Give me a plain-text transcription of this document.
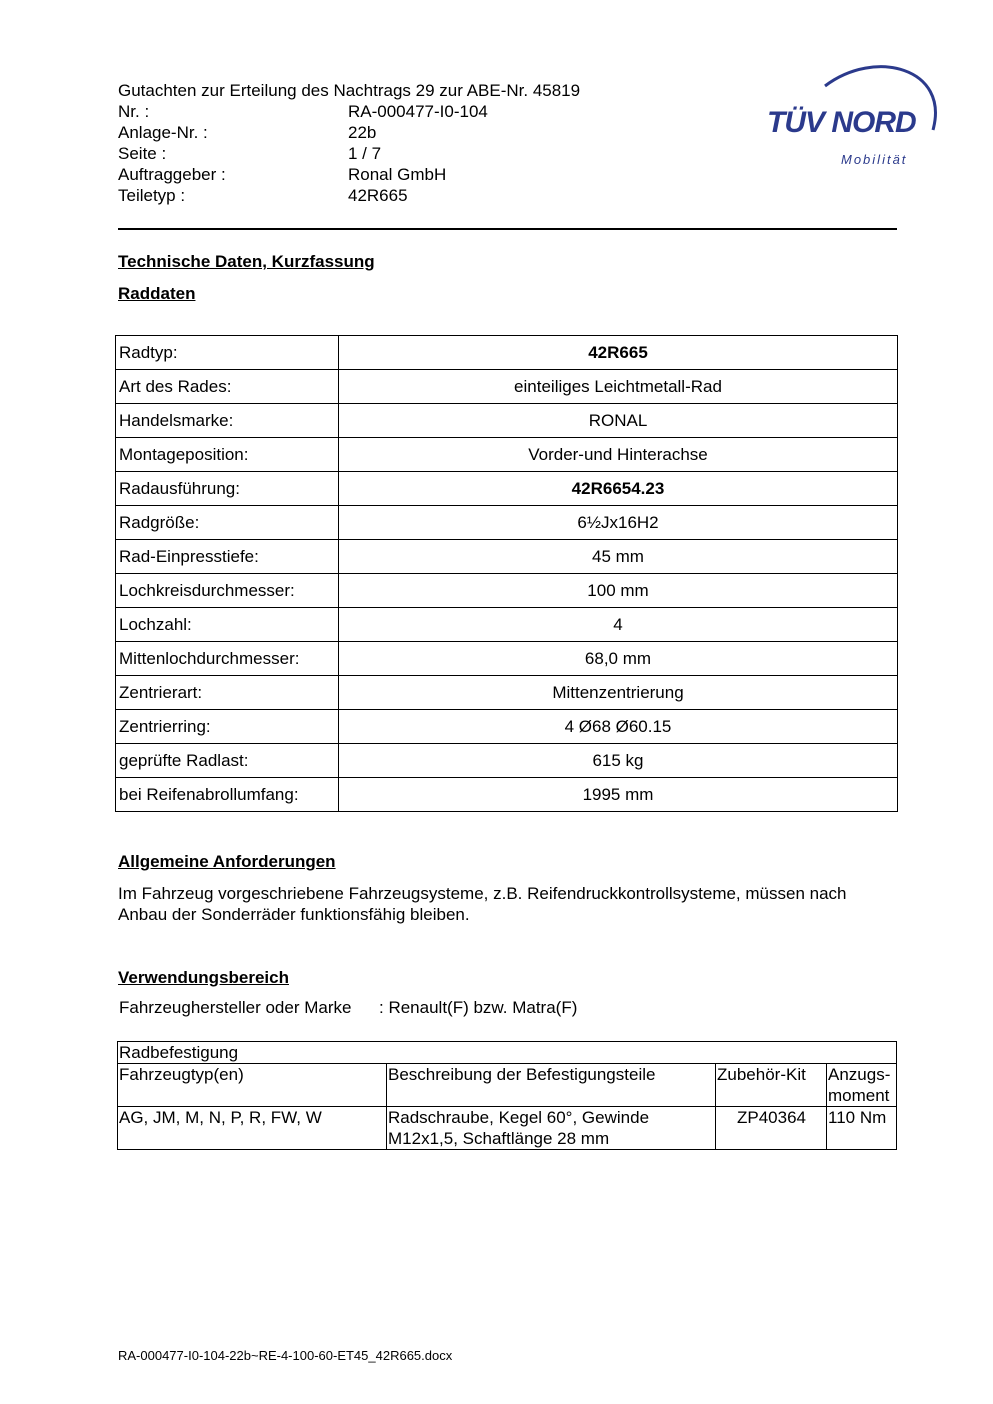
Gutachten zur Erteilung des Nachtrags 29 zur ABE-Nr. 45819
Nr. :	RA-000477-I0-104
Anlage-Nr. :	22b
Seite :	1 / 7
Auftraggeber :	Ronal GmbH
Teiletyp :	42R665
TÜV NORD
Mobilität
Technische Daten, Kurzfassung
Raddaten
Radtyp:	42R665
Art des Rades:	einteiliges Leichtmetall-Rad
Handelsmarke:	RONAL
Montageposition:	Vorder-und Hinterachse
Radausführung:	42R6654.23
Radgröße:	6½Jx16H2
Rad-Einpresstiefe:	45 mm
Lochkreisdurchmesser:	100 mm
Lochzahl:	4
Mittenlochdurchmesser:	68,0 mm
Zentrierart:	Mittenzentrierung
Zentrierring:	4 Ø68 Ø60.15
geprüfte Radlast:	615 kg
bei Reifenabrollumfang:	1995 mm
Allgemeine Anforderungen
Im Fahrzeug vorgeschriebene Fahrzeugsysteme, z.B. Reifendruckkontrollsysteme, müssen nach Anbau der Sonderräder funktionsfähig bleiben.
Verwendungsbereich
Fahrzeughersteller oder Marke	: Renault(F) bzw. Matra(F)
Radbefestigung			
Fahrzeugtyp(en)	Beschreibung der Befestigungsteile	Zubehör-Kit	Anzugs-moment
AG, JM, M, N, P, R, FW, W	Radschraube, Kegel 60°, Gewinde M12x1,5, Schaftlänge 28 mm	ZP40364	110 Nm
RA-000477-I0-104-22b~RE-4-100-60-ET45_42R665.docx
